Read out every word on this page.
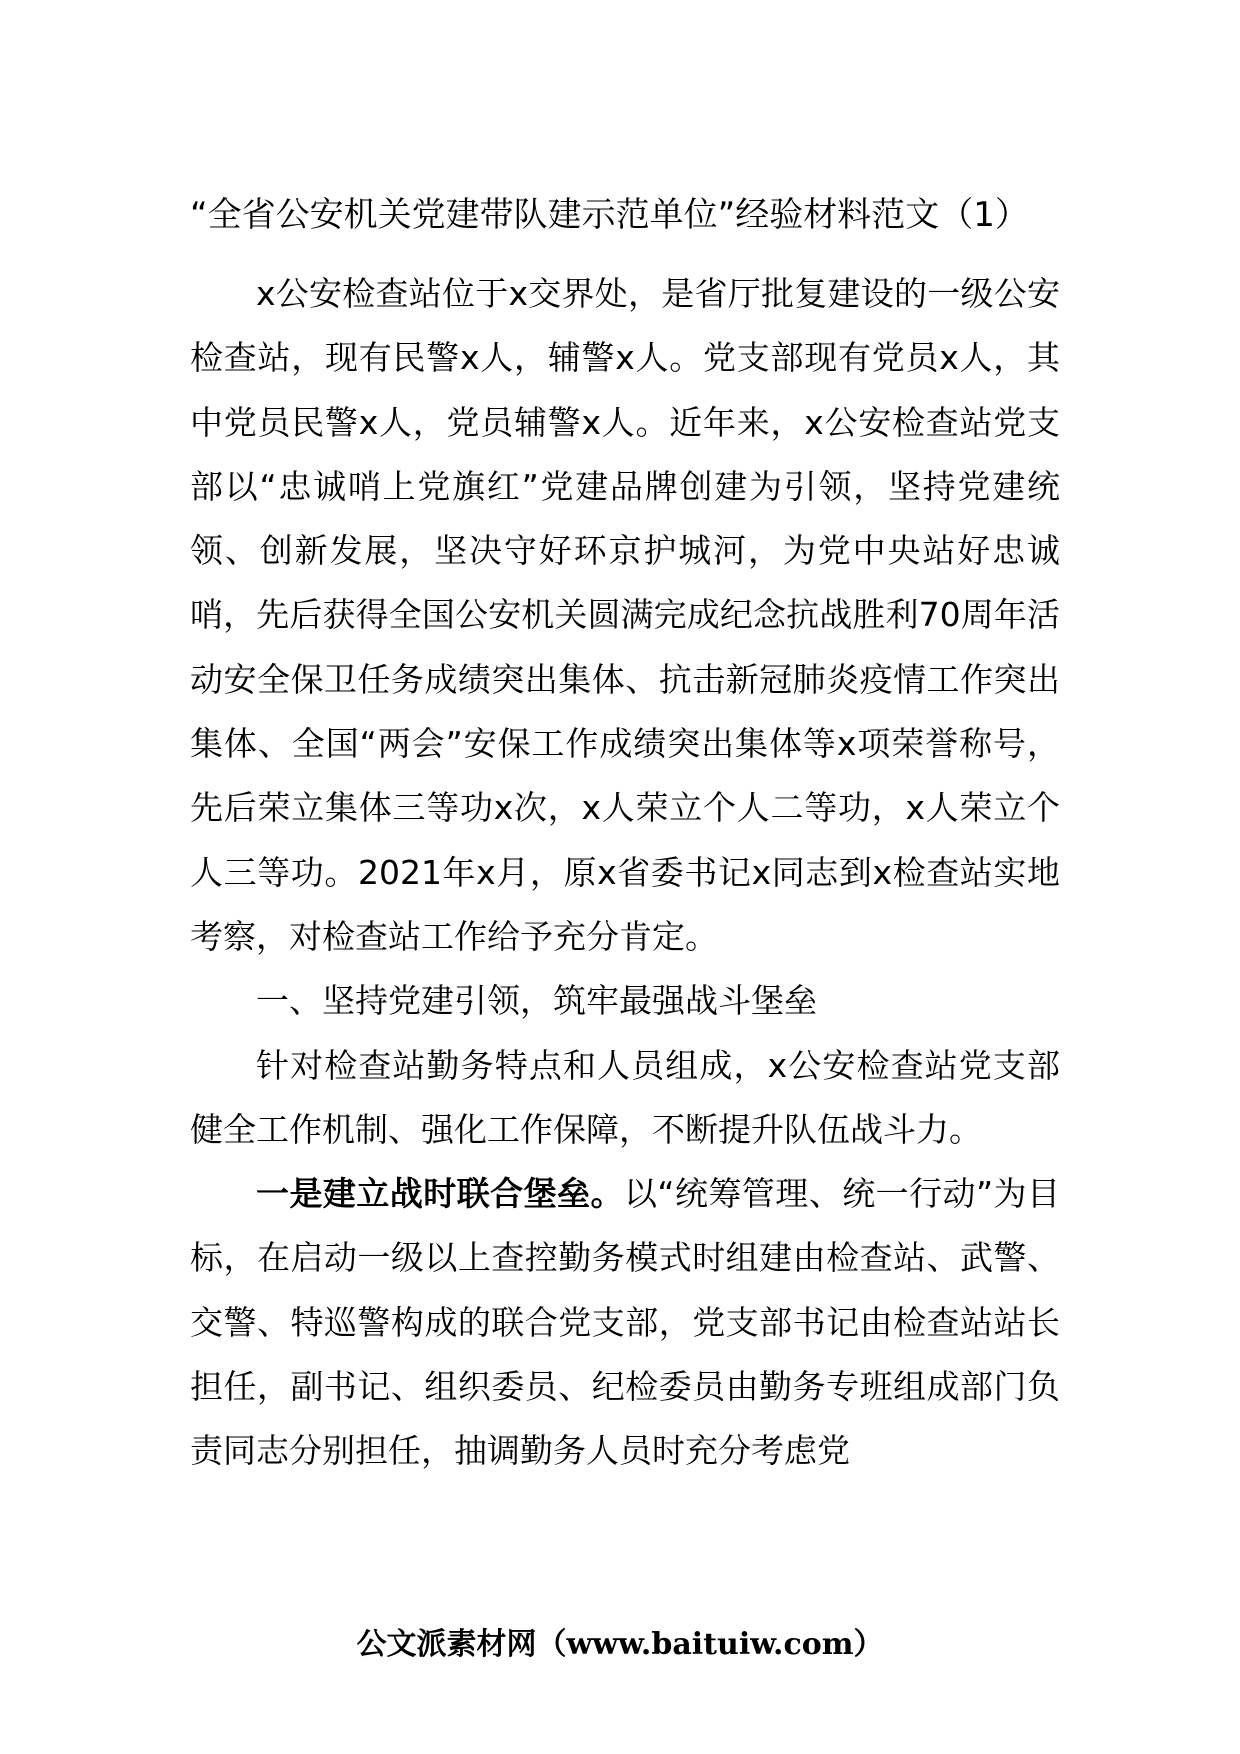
“全省公安机关党建带队建示范单位”经验材料范文（1）

x公安检查站位于x交界处，是省厅批复建设的一级公安检查站，现有民警x人，辅警x人。党支部现有党员x人，其中党员民警x人，党员辅警x人。近年来，x公安检查站党支部以“忠诚哨上党旗红”党建品牌创建为引领，坚持党建统领、创新发展，坚决守好环京护城河，为党中央站好忠诚哨，先后获得全国公安机关圆满完成纪念抗战胜利70周年活动安全保卫任务成绩突出集体、抗击新冠肺炎疫情工作突出集体、全国“两会”安保工作成绩突出集体等x项荣誉称号，先后荣立集体三等功x次，x人荣立个人二等功，x人荣立个人三等功。2021年x月，原x省委书记x同志到x检查站实地考察，对检查站工作给予充分肯定。

一、坚持党建引领，筑牢最强战斗堡垒

针对检查站勤务特点和人员组成，x公安检查站党支部健全工作机制、强化工作保障，不断提升队伍战斗力。

一是建立战时联合堡垒。以“统筹管理、统一行动”为目标，在启动一级以上查控勤务模式时组建由检查站、武警、交警、特巡警构成的联合党支部，党支部书记由检查站站长担任，副书记、组织委员、纪检委员由勤务专班组成部门负责同志分别担任，抽调勤务人员时充分考虑党

公文派素材网（www.baituiw.com）
